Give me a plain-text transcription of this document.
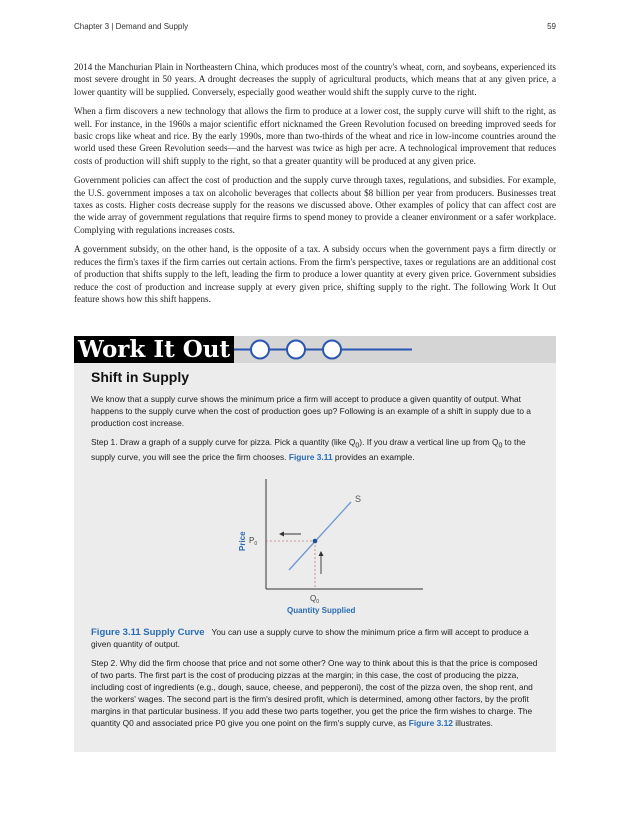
Chapter 3 | Demand and Supply	59

2014 the Manchurian Plain in Northeastern China, which produces most of the country's wheat, corn, and soybeans, experienced its most severe drought in 50 years. A drought decreases the supply of agricultural products, which means that at any given price, a lower quantity will be supplied. Conversely, especially good weather would shift the supply curve to the right.

When a firm discovers a new technology that allows the firm to produce at a lower cost, the supply curve will shift to the right, as well. For instance, in the 1960s a major scientific effort nicknamed the Green Revolution focused on breeding improved seeds for basic crops like wheat and rice. By the early 1990s, more than two-thirds of the wheat and rice in low-income countries around the world used these Green Revolution seeds—and the harvest was twice as high per acre. A technological improvement that reduces costs of production will shift supply to the right, so that a greater quantity will be produced at any given price.

Government policies can affect the cost of production and the supply curve through taxes, regulations, and subsidies. For example, the U.S. government imposes a tax on alcoholic beverages that collects about $8 billion per year from producers. Businesses treat taxes as costs. Higher costs decrease supply for the reasons we discussed above. Other examples of policy that can affect cost are the wide array of government regulations that require firms to spend money to provide a cleaner environment or a safer workplace. Complying with regulations increases costs.

A government subsidy, on the other hand, is the opposite of a tax. A subsidy occurs when the government pays a firm directly or reduces the firm's taxes if the firm carries out certain actions. From the firm's perspective, taxes or regulations are an additional cost of production that shifts supply to the left, leading the firm to produce a lower quantity at every given price. Government subsidies reduce the cost of production and increase supply at every given price, shifting supply to the right. The following Work It Out feature shows how this shift happens.

Work It Out
Shift in Supply

We know that a supply curve shows the minimum price a firm will accept to produce a given quantity of output. What happens to the supply curve when the cost of production goes up? Following is an example of a shift in supply due to a production cost increase.

Step 1. Draw a graph of a supply curve for pizza. Pick a quantity (like $Q_0$). If you draw a vertical line up from $Q_0$ to the supply curve, you will see the price the firm chooses. Figure 3.11 provides an example.

S
$P_0$
$Q_0$
Price
Quantity Supplied

Figure 3.11 Supply Curve You can use a supply curve to show the minimum price a firm will accept to produce a given quantity of output.

Step 2. Why did the firm choose that price and not some other? One way to think about this is that the price is composed of two parts. The first part is the cost of producing pizzas at the margin; in this case, the cost of producing the pizza, including cost of ingredients (e.g., dough, sauce, cheese, and pepperoni), the cost of the pizza oven, the shop rent, and the workers' wages. The second part is the firm's desired profit, which is determined, among other factors, by the profit margins in that particular business. If you add these two parts together, you get the price the firm wishes to charge. The quantity Q0 and associated price P0 give you one point on the firm's supply curve, as Figure 3.12 illustrates.
